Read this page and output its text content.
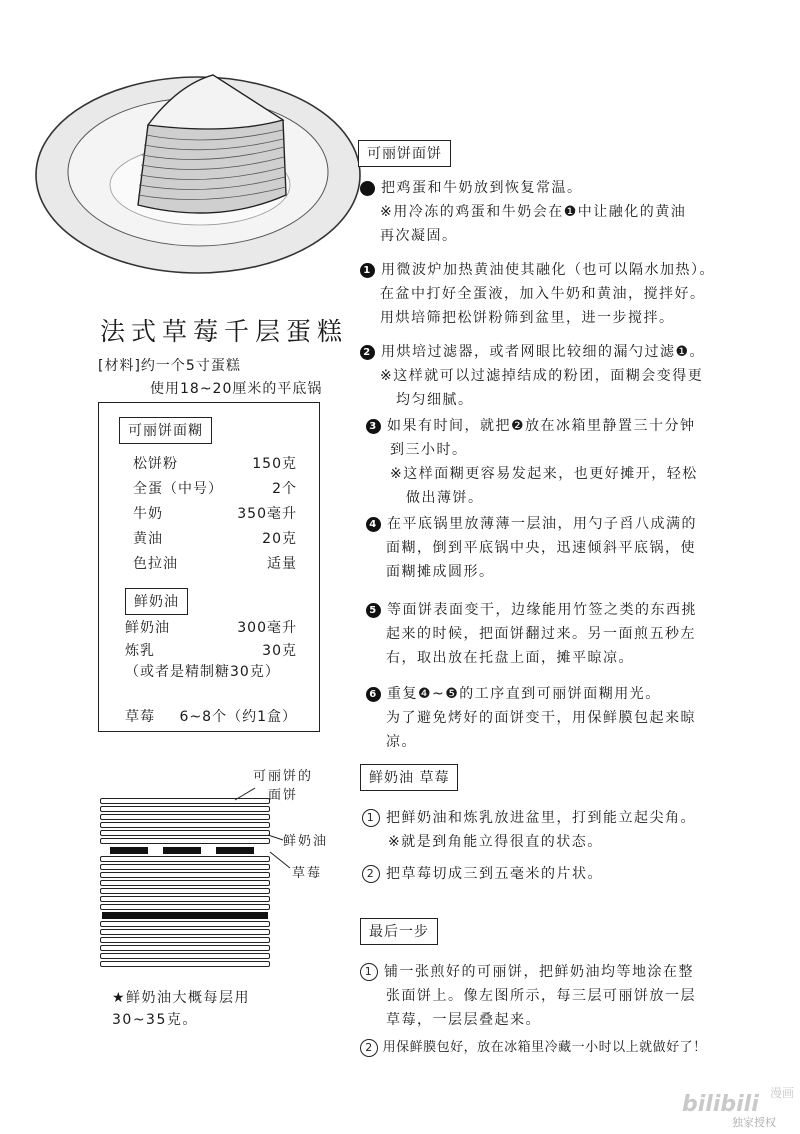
法式草莓千层蛋糕
[材料]约一个5寸蛋糕
使用18~20厘米的平底锅
可丽饼面糊
松饼粉	150克
全蛋（中号）	2个
牛奶	350毫升
黄油	20克
色拉油	适量
鲜奶油
鲜奶油	300毫升
炼乳	30克
（或者是精制糖30克）
草莓 6~8个（约1盒）
可丽饼的
面饼
鲜奶油
草莓
★鲜奶油大概每层用
30~35克。
可丽饼面饼
把鸡蛋和牛奶放到恢复常温。
※用冷冻的鸡蛋和牛奶会在❶中让融化的黄油
再次凝固。
1 用微波炉加热黄油使其融化（也可以隔水加热）。
在盆中打好全蛋液，加入牛奶和黄油，搅拌好。
用烘培筛把松饼粉筛到盆里，进一步搅拌。
2 用烘培过滤器，或者网眼比较细的漏勺过滤❶。
※这样就可以过滤掉结成的粉团，面糊会变得更
均匀细腻。
3 如果有时间，就把❷放在冰箱里静置三十分钟
到三小时。
※这样面糊更容易发起来，也更好摊开，轻松
做出薄饼。
4 在平底锅里放薄薄一层油，用勺子舀八成满的
面糊，倒到平底锅中央，迅速倾斜平底锅，使
面糊摊成圆形。
5 等面饼表面变干，边缘能用竹签之类的东西挑
起来的时候，把面饼翻过来。另一面煎五秒左
右，取出放在托盘上面，摊平晾凉。
6 重复❹~❺的工序直到可丽饼面糊用光。
为了避免烤好的面饼变干，用保鲜膜包起来晾
凉。
鲜奶油 草莓
1 把鲜奶油和炼乳放进盆里，打到能立起尖角。
※就是到角能立得很直的状态。
2 把草莓切成三到五毫米的片状。
最后一步
1 铺一张煎好的可丽饼，把鲜奶油均等地涂在整
张面饼上。像左图所示，每三层可丽饼放一层
草莓，一层层叠起来。
2 用保鲜膜包好，放在冰箱里冷藏一小时以上就做好了！
bilibili 漫画
独家授权
